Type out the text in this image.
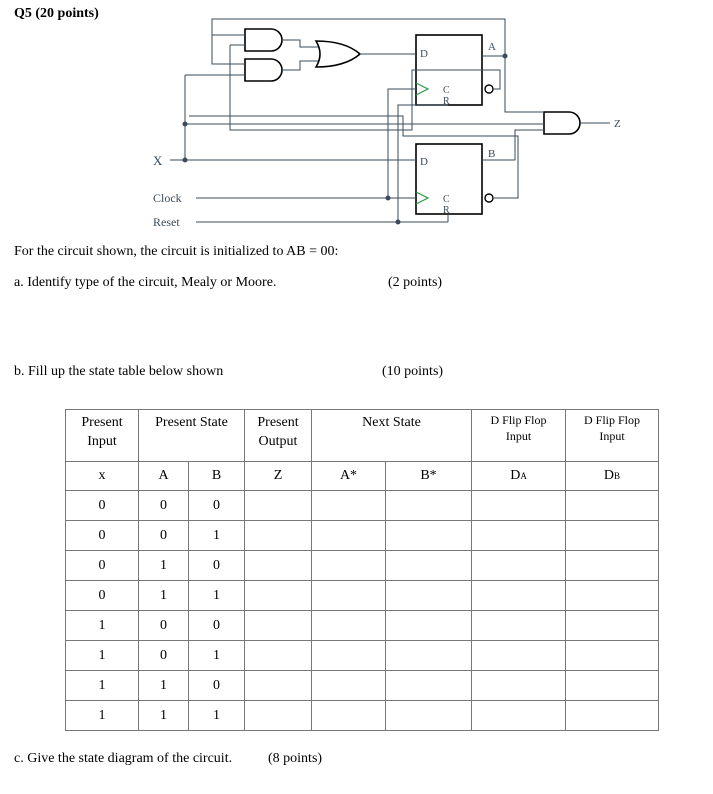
Q5 (20 points)
D
C
R
A
D
C
R
B
X
Clock
Reset
Z
For the circuit shown, the circuit is initialized to AB = 00:
a. Identify type of the circuit, Mealy or Moore.	(2 points)
b. Fill up the state table below shown	(10 points)
Present Input	Present State		Present Output	Next State		D Flip Flop Input	D Flip Flop Input
x	A	B	Z	A*	B*	DA	DB
0	0	0					
0	0	1					
0	1	0					
0	1	1					
1	0	0					
1	0	1					
1	1	0					
1	1	1					
c. Give the state diagram of the circuit.	(8 points)
